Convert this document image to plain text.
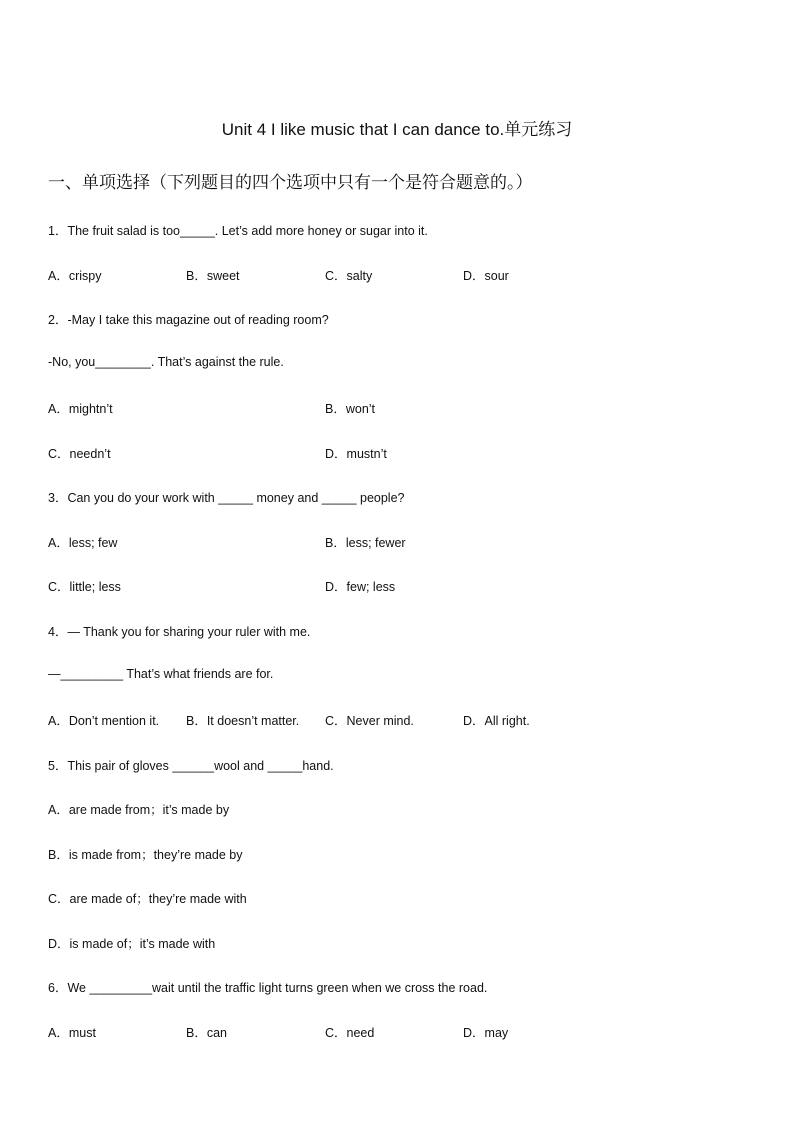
Unit 4 I like music that I can dance to.单元练习
一、单项选择（下列题目的四个选项中只有一个是符合题意的。）
1．The fruit salad is too_____. Let’s add more honey or sugar into it.
A．crispy	B．sweet	C．salty	D．sour
2．-May I take this magazine out of reading room?
-No, you________. That’s against the rule.
A．mightn’t	B．won’t
C．needn’t	D．mustn’t
3．Can you do your work with _____ money and _____ people?
A．less; few	B．less; fewer
C．little; less	D．few; less
4．— Thank you for sharing your ruler with me.
—_________ That’s what friends are for.
A．Don’t mention it. B．It doesn’t matter. C．Never mind.	D．All right.
5．This pair of gloves ______wool and _____hand.
A．are made from；it’s made by
B．is made from；they’re made by
C．are made of；they’re made with
D．is made of；it’s made with
6．We _________wait until the traffic light turns green when we cross the road.
A．must	B．can	C．need	D．may
